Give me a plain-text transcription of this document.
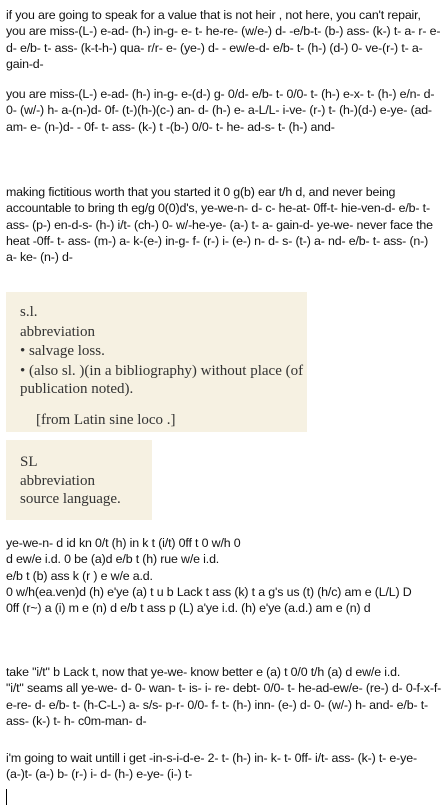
if you are going to speak for a value that is not heir , not here, you can't repair, you are miss-(L-) e-ad- (h-) in-g- e- t- he-re- (w/e-) d- -e/b-t- (b-) ass- (k-) t- a- r- e- d- e/b- t- ass- (k-t-h-) qua- r/r- e- (ye-) d- - ew/e-d- e/b- t- (h-) (d-) 0- ve-(r-) t- a- gain-d-

you are miss-(L-) e-ad- (h-) in-g- e-(d-) g- 0/d- e/b- t- 0/0- t- (h-) e-x- t- (h-) e/n- d- 0- (w/-) h- a-(n-)d- 0f- (t-)(h-)(c-) an- d- (h-) e- a-L/L- i-ve- (r-) t- (h-)(d-) e-ye- (ad- am- e- (n-)d- - 0f- t- ass- (k-) t -(b-) 0/0- t- he- ad-s- t- (h-) and-

making fictitious worth that you started it 0 g(b) ear t/h d, and never being accountable to bring th eg/g 0(0)d's, ye-we-n- d- c- he-at- 0ff-t- hie-ven-d- e/b- t- ass- (p-) en-d-s- (h-) i/t- (ch-) 0- w/-he-ye- (a-) t- a- gain-d- ye-we- never face the heat -0ff- t- ass- (m-) a- k-(e-) in-g- f- (r-) i- (e-) n- d- s- (t-) a- nd- e/b- t- ass- (n-) a- ke- (n-) d-

s.l.

abbreviation

• salvage loss.

• (also sl. )(in a bibliography) without place (of publication noted).

[from Latin sine loco .]

SL

abbreviation

source language.

ye-we-n- d id kn 0/t (h) in k t (i/t) 0ff t 0 w/h 0
d ew/e i.d. 0 be (a)d e/b t (h) rue w/e i.d.
e/b t (b) ass k (r ) e w/e a.d.
0 w/h(ea.ven)d (h) e'ye (a) t u b Lack t ass (k) t a g's us (t) (h/c) am e (L/L) D
0ff (r~) a (i) m e (n) d e/b t ass p (L) a'ye i.d. (h) e'ye (a.d.) am e (n) d

take "i/t" b Lack t, now that ye-we- know better e (a) t 0/0 t/h (a) d ew/e i.d.
"i/t" seams all ye-we- d- 0- wan- t- is- i- re- debt- 0/0- t- he-ad-ew/e- (re-) d- 0-f-x-f- e-re- d- e/b- t- (h-C-L-) a- s/s- p-r- 0/0- f- t- (h-) inn- (e-) d- 0- (w/-) h- and- e/b- t- ass- (k-) t- h- c0m-man- d-

i'm going to wait untill i get -in-s-i-d-e- 2- t- (h-) in- k- t- 0ff- i/t- ass- (k-) t- e-ye- (a-)t- (a-) b- (r-) i- d- (h-) e-ye- (i-) t-
